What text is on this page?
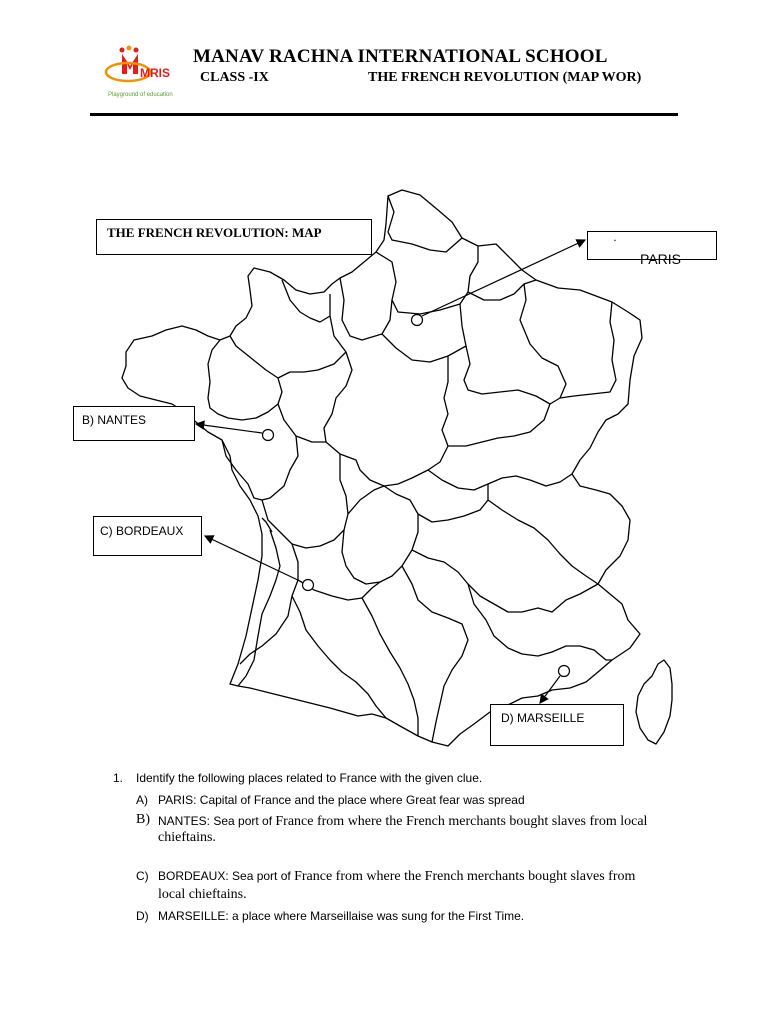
MRIS
Playground of education
MANAV RACHNA INTERNATIONAL SCHOOL
CLASS -IX	THE FRENCH REVOLUTION (MAP WOR)
THE FRENCH REVOLUTION: MAP	·
PARIS
B) NANTES
C) BORDEAUX
D) MARSEILLE
1. Identify the following places related to France with the given clue.
A) PARIS: Capital of France and the place where Great fear was spread
B) NANTES: Sea port of France from where the French merchants bought slaves from local
chieftains.
C) BORDEAUX: Sea port of France from where the French merchants bought slaves from
local chieftains.
D) MARSEILLE: a place where Marseillaise was sung for the First Time.
